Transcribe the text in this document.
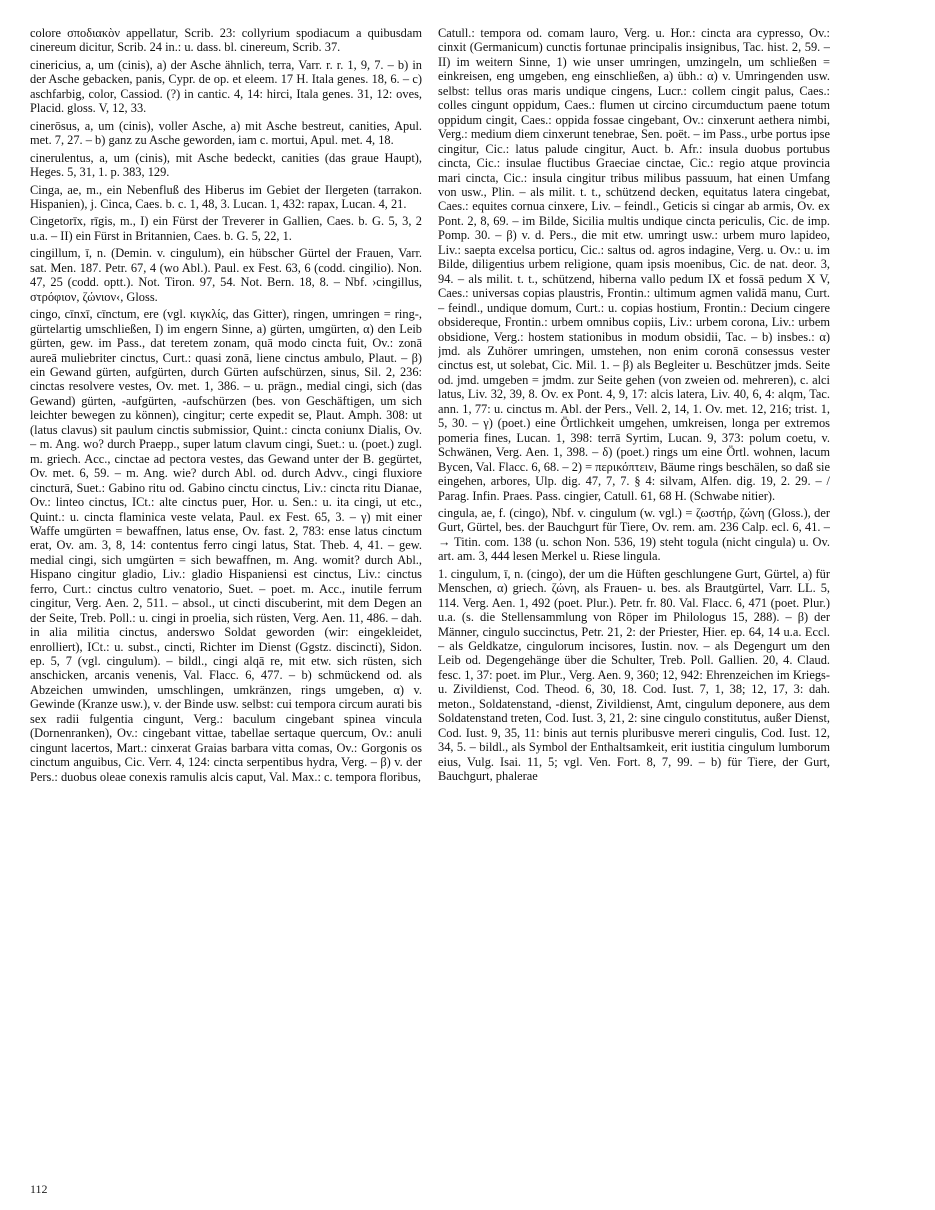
colore σποδιακὸν appellatur, Scrib. 23: collyrium spodiacum a quibusdam cinereum dicitur, Scrib. 24 in.: u. dass. bl. cinereum, Scrib. 37.

cinericius, a, um (cinis), a) der Asche ähnlich, terra, Varr. r. r. 1, 9, 7. – b) in der Asche gebacken, panis, Cypr. de op. et eleem. 17 H. Itala genes. 18, 6. – c) aschfarbig, color, Cassiod. (?) in cantic. 4, 14: hirci, Itala genes. 31, 12: oves, Placid. gloss. V, 12, 33.

cinerōsus, a, um (cinis), voller Asche, a) mit Asche bestreut, canities, Apul. met. 7, 27. – b) ganz zu Asche geworden, iam c. mortui, Apul. met. 4, 18.

cinerulentus, a, um (cinis), mit Asche bedeckt, canities (das graue Haupt), Heges. 5, 31, 1. p. 383, 129.

Cinga, ae, m., ein Nebenfluß des Hiberus im Gebiet der Ilergeten (tarrakon. Hispanien), j. Cinca, Caes. b. c. 1, 48, 3. Lucan. 1, 432: rapax, Lucan. 4, 21.

Cingetorīx, rīgis, m., I) ein Fürst der Treverer in Gallien, Caes. b. G. 5, 3, 2 u.a. – II) ein Fürst in Britannien, Caes. b. G. 5, 22, 1.

cingillum, ī, n. (Demin. v. cingulum), ein hübscher Gürtel der Frauen, Varr. sat. Men. 187. Petr. 67, 4 (wo Abl.). Paul. ex Fest. 63, 6 (codd. cingilio). Non. 47, 25 (codd. optt.). Not. Tiron. 97, 54. Not. Bern. 18, 8. – Nbf. ›cingillus, στρόφιον, ζώνιον‹, Gloss.

cingo, cīnxī, cīnctum, ere (vgl. κιγκλίς, das Gitter), ringen, umringen = ring-, gürtelartig umschließen, I) im engern Sinne, a) gürten, umgürten, α) den Leib gürten, gew. im Pass., dat teretem zonam, quā modo cincta fuit, Ov.: zonā aureā muliebriter cinctus, Curt.: quasi zonā, liene cinctus ambulo, Plaut. – β) ein Gewand gürten, aufgürten, durch Gürten aufschürzen, sinus, Sil. 2, 236: cinctas resolvere vestes, Ov. met. 1, 386. – u. prägn., medial cingi, sich (das Gewand) gürten, -aufgürten, -aufschürzen (bes. von Geschäftigen, um sich leichter bewegen zu können), cingitur; certe expedit se, Plaut. Amph. 308: ut (latus clavus) sit paulum cinctis submissior, Quint.: cincta coniunx Dialis, Ov. – m. Ang. wo? durch Praepp., super latum clavum cingi, Suet.: u. (poet.) zugl. m. griech. Acc., cinctae ad pectora vestes, das Gewand unter der B. gegürtet, Ov. met. 6, 59. – m. Ang. wie? durch Abl. od. durch Advv., cingi fluxiore cincturā, Suet.: Gabino ritu od. Gabino cinctu cinctus, Liv.: cincta ritu Dianae, Ov.: linteo cinctus, ICt.: alte cinctus puer, Hor. u. Sen.: u. ita cingi, ut etc., Quint.: u. cincta flaminica veste velata, Paul. ex Fest. 65, 3. – γ) mit einer Waffe umgürten = bewaffnen, latus ense, Ov. fast. 2, 783: ense latus cinctum erat, Ov. am. 3, 8, 14: contentus ferro cingi latus, Stat. Theb. 4, 41. – gew. medial cingi, sich umgürten = sich bewaffnen, m. Ang. womit? durch Abl., Hispano cingitur gladio, Liv.: gladio Hispaniensi est cinctus, Liv.: cinctus ferro, Curt.: cinctus cultro venatorio, Suet. – poet. m. Acc., inutile ferrum cingitur, Verg. Aen. 2, 511. – absol., ut cincti discuberint, mit dem Degen an der Seite, Treb. Poll.: u. cingi in proelia, sich rüsten, Verg. Aen. 11, 486. – dah. in alia militia cinctus, anderswo Soldat geworden (wir: eingekleidet, enrolliert), ICt.: u. subst., cincti, Richter im Dienst (Ggstz. discincti), Sidon. ep. 5, 7 (vgl. cingulum). – bildl., cingi alqā re, mit etw. sich rüsten, sich anschicken, arcanis venenis, Val. Flacc. 6, 477. – b) schmückend od. als Abzeichen umwinden, umschlingen, umkränzen, rings umgeben, α) v. Gewinde (Kranze usw.), v. der Binde usw. selbst: cui tempora circum aurati bis sex radii fulgentia cingunt, Verg.: baculum cingebant spinea vincula (Dornenranken), Ov.: cingebant vittae, tabellae sertaque quercum, Ov.: anuli cingunt lacertos, Mart.: cinxerat Graias barbara vitta comas, Ov.: Gorgonis os cinctum anguibus, Cic. Verr. 4, 124: cincta serpentibus hydra, Verg. – β) v. der Pers.: duobus oleae conexis ramulis alcis caput, Val. Max.: c. tempora floribus,

Catull.: tempora od. comam lauro, Verg. u. Hor.: cincta ara cypresso, Ov.: cinxit (Germanicum) cunctis fortunae principalis insignibus, Tac. hist. 2, 59. – II) im weitern Sinne, 1) wie unser umringen, umzingeln, um schließen = einkreisen, eng umgeben, eng einschließen, a) übh.: α) v. Umringenden usw. selbst: tellus oras maris undique cingens, Lucr.: collem cingit palus, Caes.: colles cingunt oppidum, Caes.: flumen ut circino circumductum paene totum oppidum cingit, Caes.: oppida fossae cingebant, Ov.: cinxerunt aethera nimbi, Verg.: medium diem cinxerunt tenebrae, Sen. poët. – im Pass., urbe portus ipse cingitur, Cic.: latus palude cingitur, Auct. b. Afr.: insula duobus portubus cincta, Cic.: insulae fluctibus Graeciae cinctae, Cic.: regio atque provincia mari cincta, Cic.: insula cingitur tribus milibus passuum, hat einen Umfang von usw., Plin. – als milit. t. t., schützend decken, equitatus latera cingebat, Caes.: equites cornua cinxere, Liv. – feindl., Geticis si cingar ab armis, Ov. ex Pont. 2, 8, 69. – im Bilde, Sicilia multis undique cincta periculis, Cic. de imp. Pomp. 30. – β) v. d. Pers., die mit etw. umringt usw.: urbem muro lapideo, Liv.: saepta excelsa porticu, Cic.: saltus od. agros indagine, Verg. u. Ov.: u. im Bilde, diligentius urbem religione, quam ipsis moenibus, Cic. de nat. deor. 3, 94. – als milit. t. t., schützend, hiberna vallo pedum IX et fossā pedum X V, Caes.: universas copias plaustris, Frontin.: ultimum agmen validā manu, Curt. – feindl., undique domum, Curt.: u. copias hostium, Frontin.: Decium cingere obsidereque, Frontin.: urbem omnibus copiis, Liv.: urbem corona, Liv.: urbem obsidione, Verg.: hostem stationibus in modum obsidii, Tac. – b) insbes.: α) jmd. als Zuhörer umringen, umstehen, non enim coronā consessus vester cinctus est, ut solebat, Cic. Mil. 1. – β) als Begleiter u. Beschützer jmds. Seite od. jmd. umgeben = jmdm. zur Seite gehen (von zweien od. mehreren), c. alci latus, Liv. 32, 39, 8. Ov. ex Pont. 4, 9, 17: alcis latera, Liv. 40, 6, 4: alqm, Tac. ann. 1, 77: u. cinctus m. Abl. der Pers., Vell. 2, 14, 1. Ov. met. 12, 216; trist. 1, 5, 30. – γ) (poet.) eine Örtlichkeit umgehen, umkreisen, longa per extremos pomeria fines, Lucan. 1, 398: terrā Syrtim, Lucan. 9, 373: polum coetu, v. Schwänen, Verg. Aen. 1, 398. – δ) (poet.) rings um eine Örtl. wohnen, lacum Bycen, Val. Flacc. 6, 68. – 2) = περικόπτειν, Bäume rings beschälen, so daß sie eingehen, arbores, Ulp. dig. 47, 7, 7. § 4: silvam, Alfen. dig. 19, 2. 29. – / Parag. Infin. Praes. Pass. cingier, Catull. 61, 68 H. (Schwabe nitier).

cingula, ae, f. (cingo), Nbf. v. cingulum (w. vgl.) = ζωστήρ, ζώνη (Gloss.), der Gurt, Gürtel, bes. der Bauchgurt für Tiere, Ov. rem. am. 236 Calp. ecl. 6, 41. – → Titin. com. 138 (u. schon Non. 536, 19) steht togula (nicht cingula) u. Ov. art. am. 3, 444 lesen Merkel u. Riese lingula.

1. cingulum, ī, n. (cingo), der um die Hüften geschlungene Gurt, Gürtel, a) für Menschen, α) griech. ζώνη, als Frauen- u. bes. als Brautgürtel, Varr. LL. 5, 114. Verg. Aen. 1, 492 (poet. Plur.). Petr. fr. 80. Val. Flacc. 6, 471 (poet. Plur.) u.a. (s. die Stellensammlung von Röper im Philologus 15, 288). – β) der Männer, cingulo succinctus, Petr. 21, 2: der Priester, Hier. ep. 64, 14 u.a. Eccl. – als Geldkatze, cingulorum incisores, Iustin. nov. – als Degengurt um den Leib od. Degengehänge über die Schulter, Treb. Poll. Gallien. 20, 4. Claud. fesc. 1, 37: poet. im Plur., Verg. Aen. 9, 360; 12, 942: Ehrenzeichen im Kriegs- u. Zivildienst, Cod. Theod. 6, 30, 18. Cod. Iust. 7, 1, 38; 12, 17, 3: dah. meton., Soldatenstand, -dienst, Zivildienst, Amt, cingulum deponere, aus dem Soldatenstand treten, Cod. Iust. 3, 21, 2: sine cingulo constitutus, außer Dienst, Cod. Iust. 9, 35, 11: binis aut ternis pluribusve mereri cingulis, Cod. Iust. 12, 34, 5. – bildl., als Symbol der Enthaltsamkeit, erit iustitia cingulum lumborum eius, Vulg. Isai. 11, 5; vgl. Ven. Fort. 8, 7, 99. – b) für Tiere, der Gurt, Bauchgurt, phalerae

112
